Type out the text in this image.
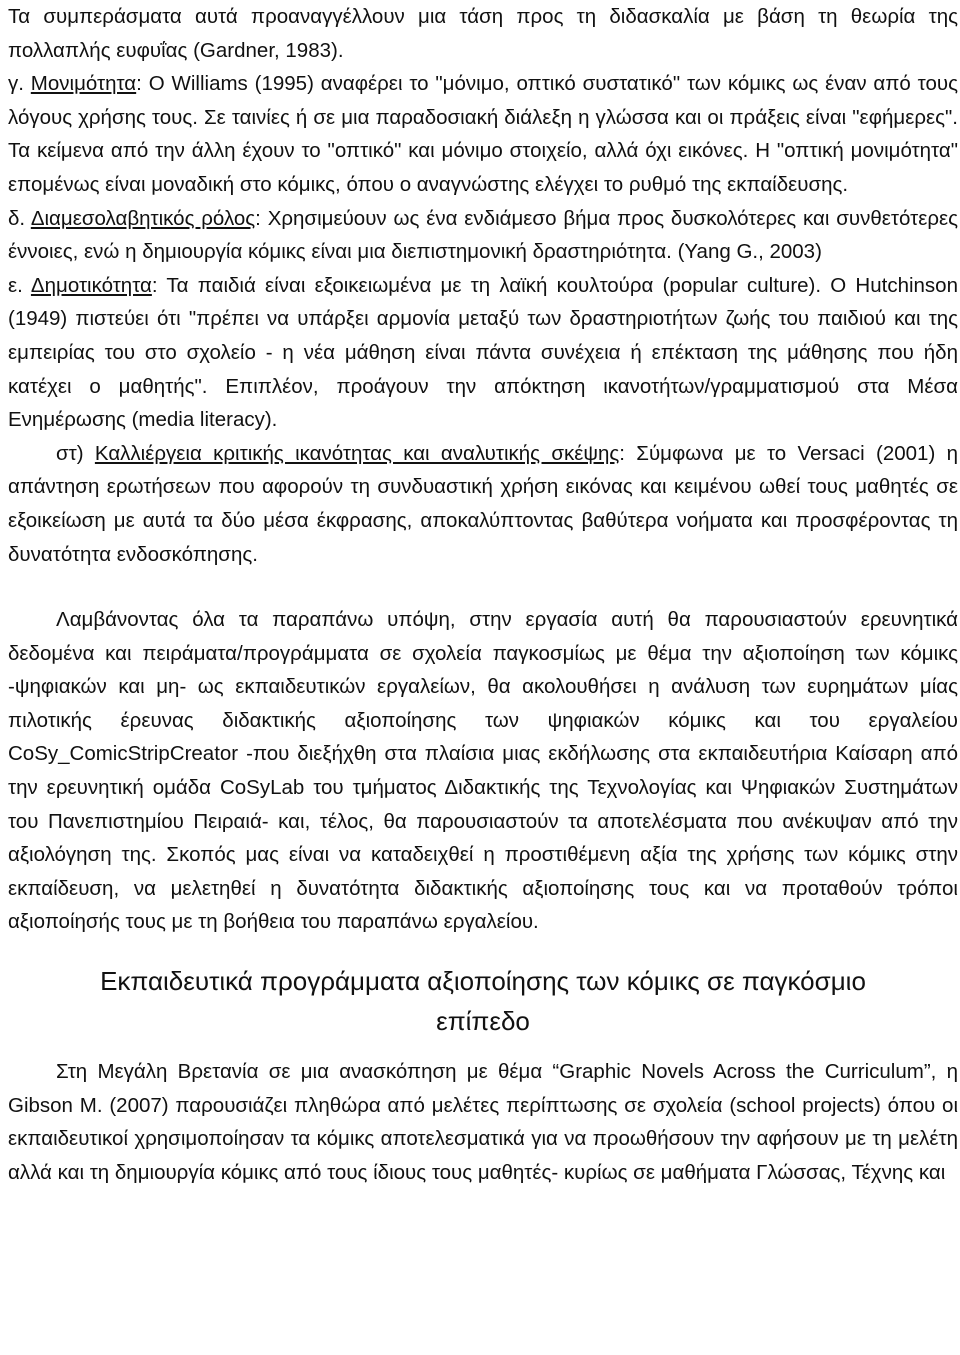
Τα συμπεράσματα αυτά προαναγγέλλουν μια τάση προς τη διδασκαλία με βάση τη θεωρία της πολλαπλής ευφυΐας (Gardner, 1983).

γ. Μονιμότητα: Ο Williams (1995) αναφέρει το "μόνιμο, οπτικό συστατικό" των κόμικς ως έναν από τους λόγους χρήσης τους. Σε ταινίες ή σε μια παραδοσιακή διάλεξη η γλώσσα και οι πράξεις είναι "εφήμερες". Τα κείμενα από την άλλη έχουν το "οπτικό" και μόνιμο στοιχείο, αλλά όχι εικόνες. Η "οπτική μονιμότητα" επομένως είναι μοναδική στο κόμικς, όπου ο αναγνώστης ελέγχει το ρυθμό της εκπαίδευσης.

δ. Διαμεσολαβητικός ρόλος: Χρησιμεύουν ως ένα ενδιάμεσο βήμα προς δυσκολότερες και συνθετότερες έννοιες, ενώ η δημιουργία κόμικς είναι μια διεπιστημονική δραστηριότητα. (Yang G., 2003)

ε. Δημοτικότητα: Τα παιδιά είναι εξοικειωμένα με τη λαϊκή κουλτούρα (popular culture). Ο Hutchinson (1949) πιστεύει ότι "πρέπει να υπάρξει αρμονία μεταξύ των δραστηριοτήτων ζωής του παιδιού και της εμπειρίας του στο σχολείο - η νέα μάθηση είναι πάντα συνέχεια ή επέκταση της μάθησης που ήδη κατέχει ο μαθητής". Επιπλέον, προάγουν την απόκτηση ικανοτήτων/γραμματισμού στα Μέσα Ενημέρωσης (media literacy).

στ) Καλλιέργεια κριτικής ικανότητας και αναλυτικής σκέψης: Σύμφωνα με το Versaci (2001) η απάντηση ερωτήσεων που αφορούν τη συνδυαστική χρήση εικόνας και κειμένου ωθεί τους μαθητές σε εξοικείωση με αυτά τα δύο μέσα έκφρασης, αποκαλύπτοντας βαθύτερα νοήματα και προσφέροντας τη δυνατότητα ενδοσκόπησης.

Λαμβάνοντας όλα τα παραπάνω υπόψη, στην εργασία αυτή θα παρουσιαστούν ερευνητικά δεδομένα και πειράματα/προγράμματα σε σχολεία παγκοσμίως με θέμα την αξιοποίηση των κόμικς -ψηφιακών και μη- ως εκπαιδευτικών εργαλείων, θα ακολουθήσει η ανάλυση των ευρημάτων μίας πιλοτικής έρευνας διδακτικής αξιοποίησης των ψηφιακών κόμικς και του εργαλείου CoSy_ComicStripCreator -που διεξήχθη στα πλαίσια μιας εκδήλωσης στα εκπαιδευτήρια Καίσαρη από την ερευνητική ομάδα CoSyLab του τμήματος Διδακτικής της Τεχνολογίας και Ψηφιακών Συστημάτων του Πανεπιστημίου Πειραιά- και, τέλος, θα παρουσιαστούν τα αποτελέσματα που ανέκυψαν από την αξιολόγηση της. Σκοπός μας είναι να καταδειχθεί η προστιθέμενη αξία της χρήσης των κόμικς στην εκπαίδευση, να μελετηθεί η δυνατότητα διδακτικής αξιοποίησης τους και να προταθούν τρόποι αξιοποίησής τους με τη βοήθεια του παραπάνω εργαλείου.

Εκπαιδευτικά προγράμματα αξιοποίησης των κόμικς σε παγκόσμιο επίπεδο

Στη Μεγάλη Βρετανία σε μια ανασκόπηση με θέμα “Graphic Novels Across the Curriculum”, η Gibson M. (2007) παρουσιάζει πληθώρα από μελέτες περίπτωσης σε σχολεία (school projects) όπου οι εκπαιδευτικοί χρησιμοποίησαν τα κόμικς αποτελεσματικά για να προωθήσουν την αφήσουν με τη μελέτη αλλά και τη δημιουργία κόμικς από τους ίδιους τους μαθητές- κυρίως σε μαθήματα Γλώσσας, Τέχνης και
